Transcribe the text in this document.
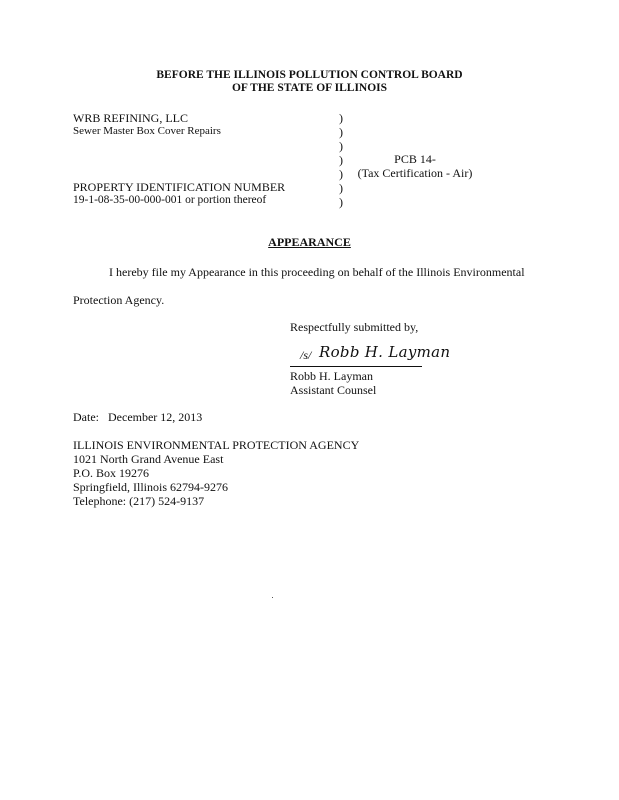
BEFORE THE ILLINOIS POLLUTION CONTROL BOARD
OF THE STATE OF ILLINOIS
WRB REFINING, LLC
Sewer Master Box Cover Repairs
PROPERTY IDENTIFICATION NUMBER
19-1-08-35-00-000-001 or portion thereof
)
)
)
)
)
)
)
PCB 14-
(Tax Certification - Air)
APPEARANCE
I hereby file my Appearance in this proceeding on behalf of the Illinois Environmental
Protection Agency.
Respectfully submitted by,
/s/ Robb H. Layman
Robb H. Layman
Assistant Counsel
Date: December 12, 2013
ILLINOIS ENVIRONMENTAL PROTECTION AGENCY
1021 North Grand Avenue East
P.O. Box 19276
Springfield, Illinois 62794-9276
Telephone: (217) 524-9137
